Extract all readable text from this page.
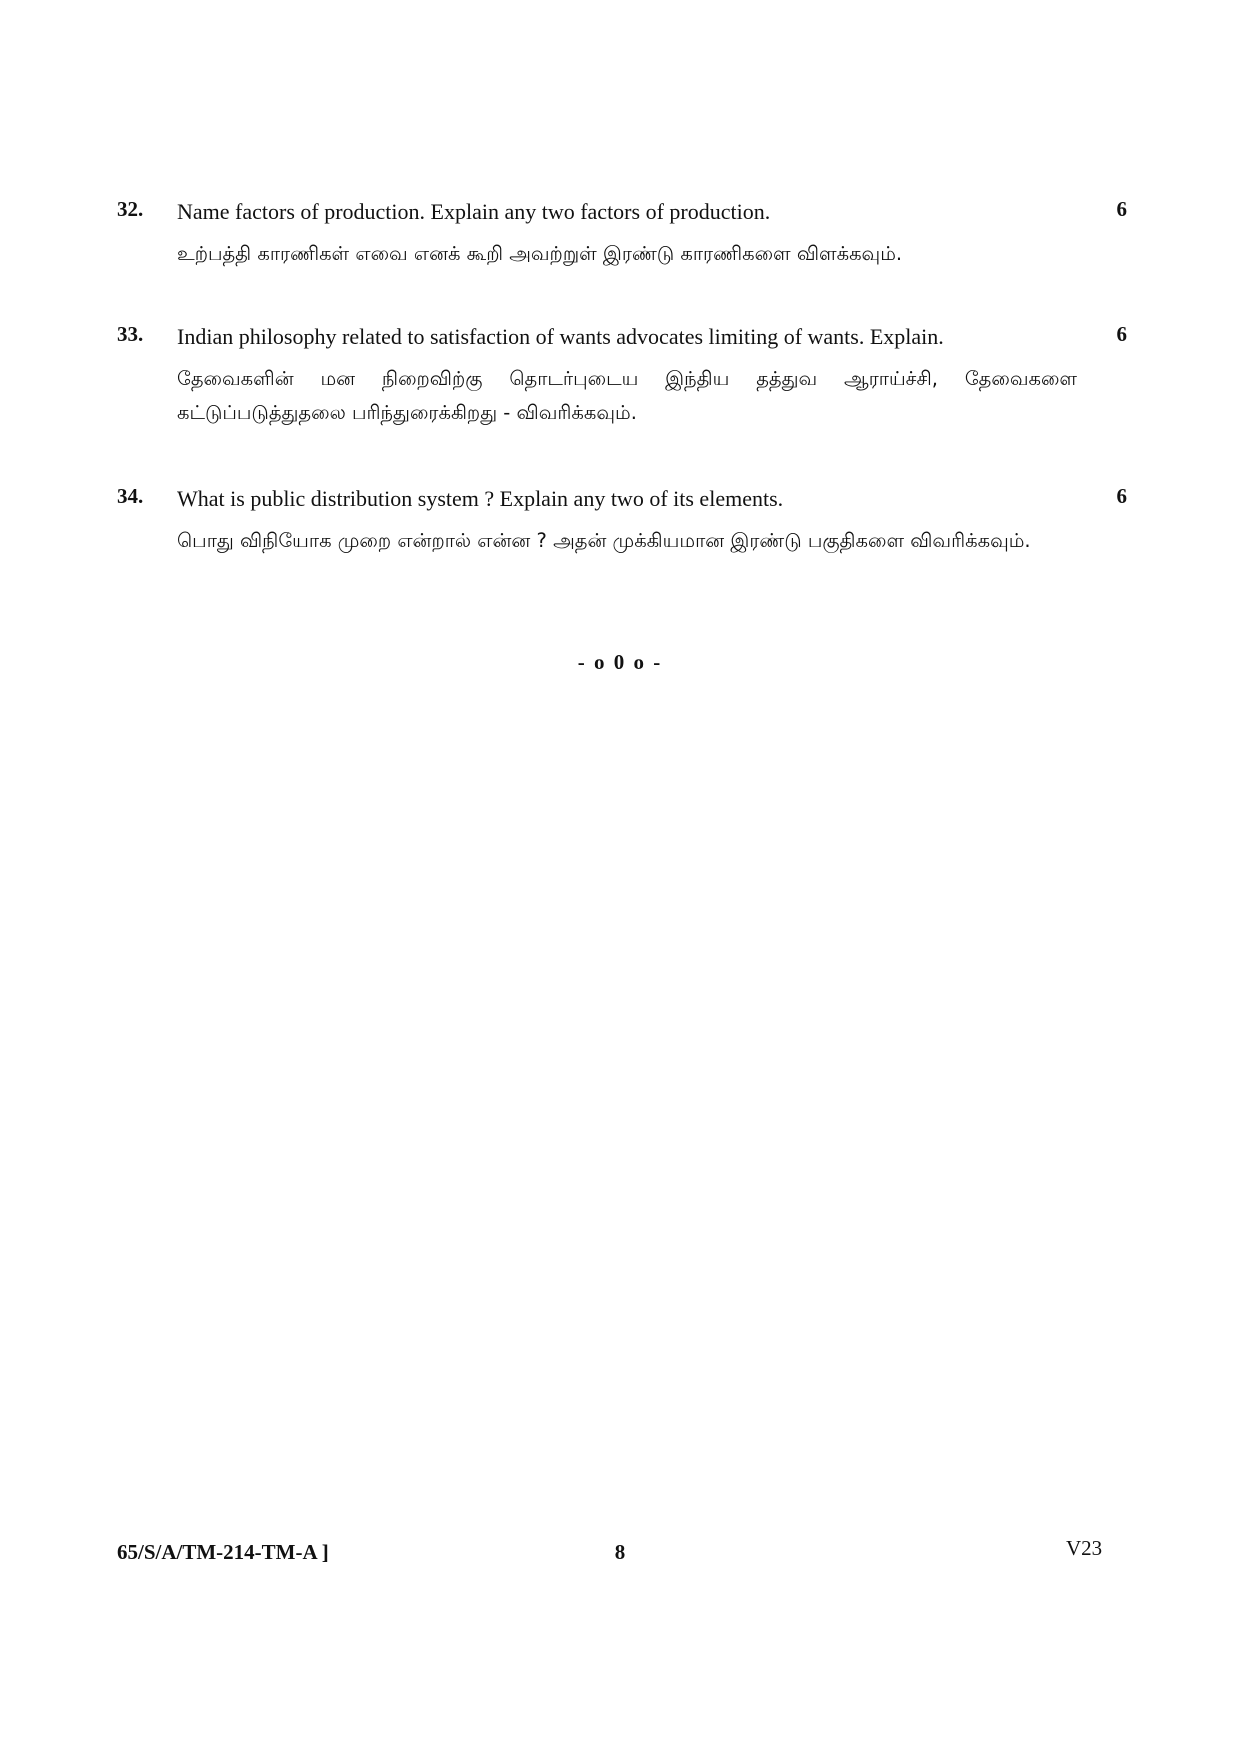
32. Name factors of production. Explain any two factors of production.	6
உற்பத்தி காரணிகள் எவை எனக் கூறி அவற்றுள் இரண்டு காரணிகளை விளக்கவும்.
33. Indian philosophy related to satisfaction of wants advocates limiting of wants. Explain.	6
தேவைகளின் மன நிறைவிற்கு தொடர்புடைய இந்திய தத்துவ ஆராய்ச்சி, தேவைகளை கட்டுப்படுத்துதலை பரிந்துரைக்கிறது - விவரிக்கவும்.
34. What is public distribution system ? Explain any two of its elements.	6
பொது விநியோக முறை என்றால் என்ன ? அதன் முக்கியமான இரண்டு பகுதிகளை விவரிக்கவும்.
- o 0 o -
65/S/A/TM-214-TM-A ]	8	V23
